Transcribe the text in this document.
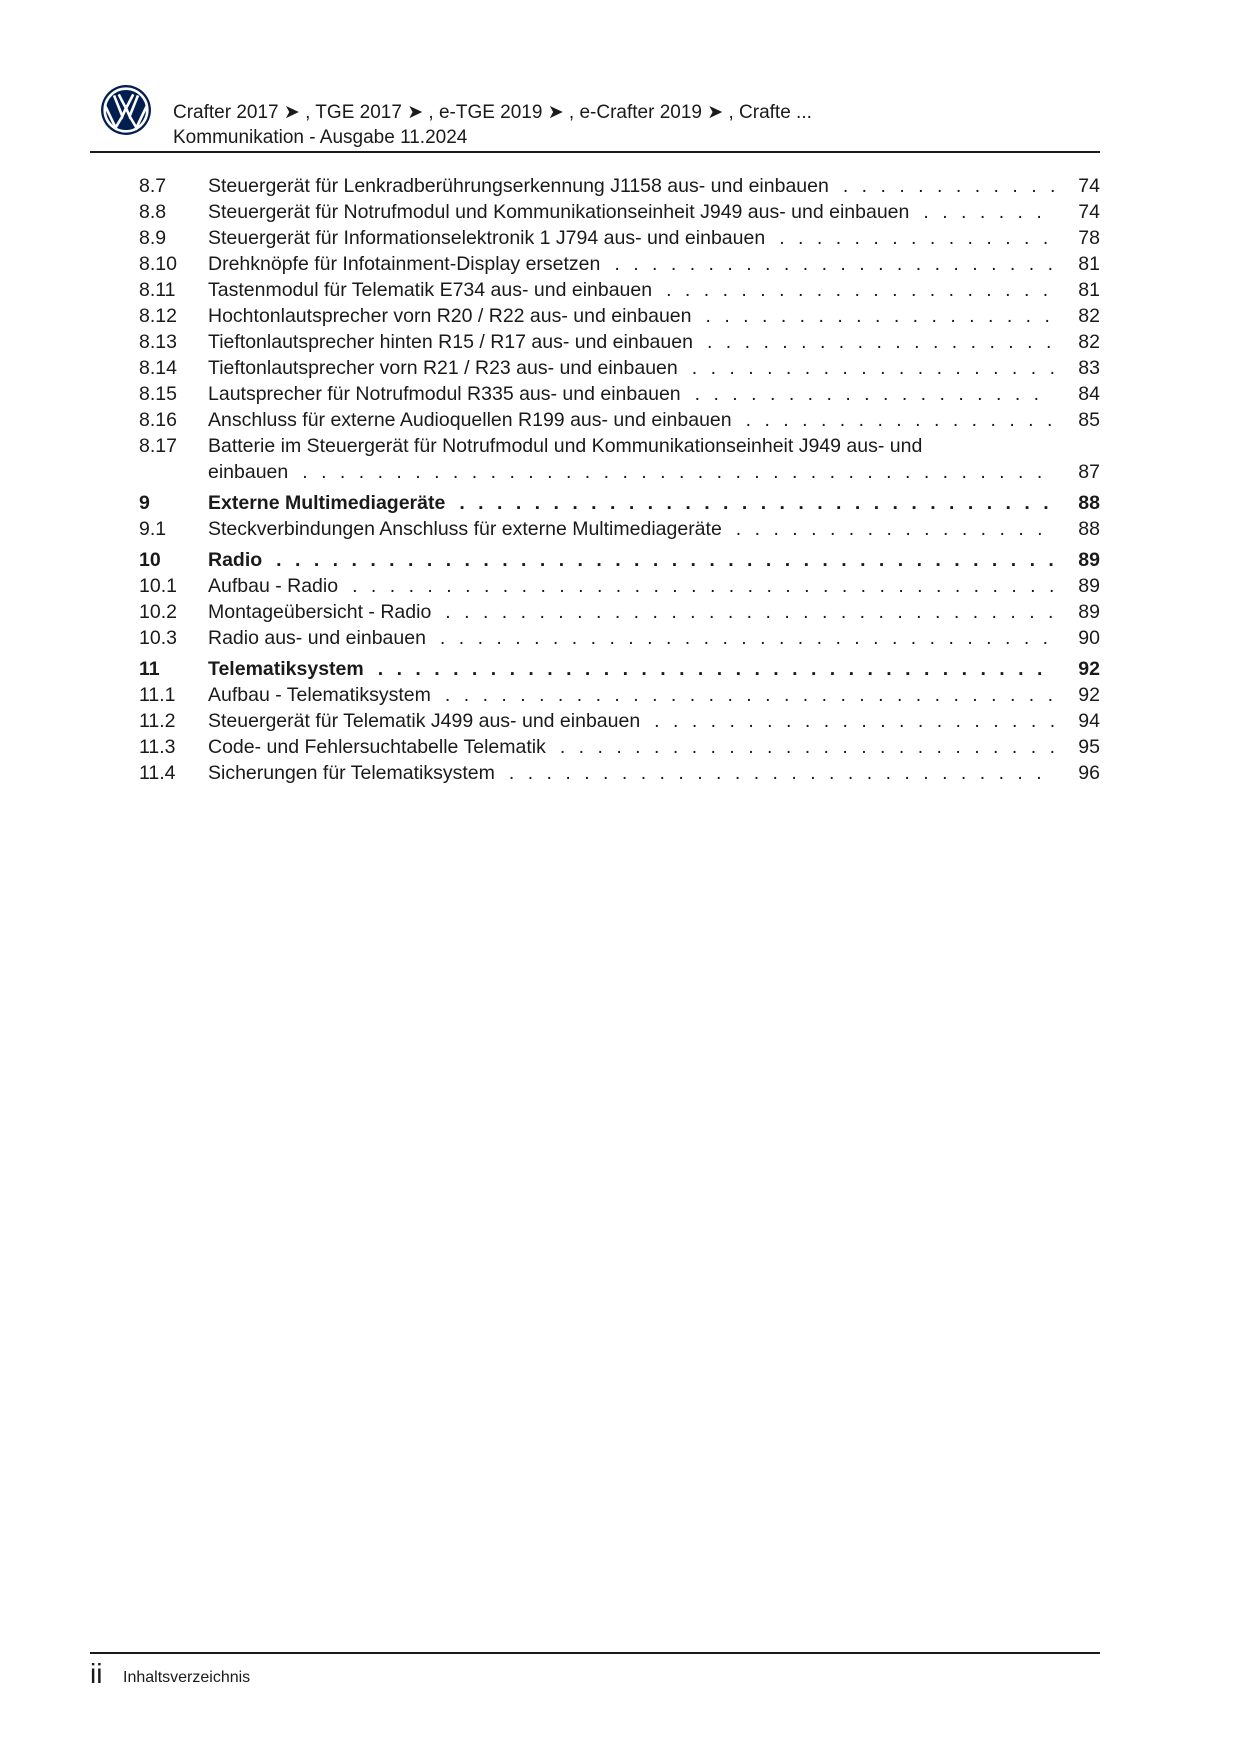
Crafter 2017 ➤ , TGE 2017 ➤ , e-TGE 2019 ➤ , e-Crafter 2019 ➤ , Crafte ...
Kommunikation - Ausgabe 11.2024
8.7	Steuergerät für Lenkradberührungserkennung J1158 aus- und einbauen . . .	74
8.8	Steuergerät für Notrufmodul und Kommunikationseinheit J949 aus- und einbauen . . .	74
8.9	Steuergerät für Informationselektronik 1 J794 aus- und einbauen . . .	78
8.10	Drehknöpfe für Infotainment-Display ersetzen . . .	81
8.11	Tastenmodul für Telematik E734 aus- und einbauen . . .	81
8.12	Hochtonlautsprecher vorn R20 / R22 aus- und einbauen . . .	82
8.13	Tieftonlautsprecher hinten R15 / R17 aus- und einbauen . . .	82
8.14	Tieftonlautsprecher vorn R21 / R23 aus- und einbauen . . .	83
8.15	Lautsprecher für Notrufmodul R335 aus- und einbauen . . .	84
8.16	Anschluss für externe Audioquellen R199 aus- und einbauen . . .	85
8.17	Batterie im Steuergerät für Notrufmodul und Kommunikationseinheit J949 aus- und
einbauen . . .	87
9	Externe Multimediageräte . . .	88
9.1	Steckverbindungen Anschluss für externe Multimediageräte . . .	88
10	Radio . . .	89
10.1	Aufbau - Radio . . .	89
10.2	Montageübersicht - Radio . . .	89
10.3	Radio aus- und einbauen . . .	90
11	Telematiksystem . . .	92
11.1	Aufbau - Telematiksystem . . .	92
11.2	Steuergerät für Telematik J499 aus- und einbauen . . .	94
11.3	Code- und Fehlersuchtabelle Telematik . . .	95
11.4	Sicherungen für Telematiksystem . . .	96
ii Inhaltsverzeichnis
